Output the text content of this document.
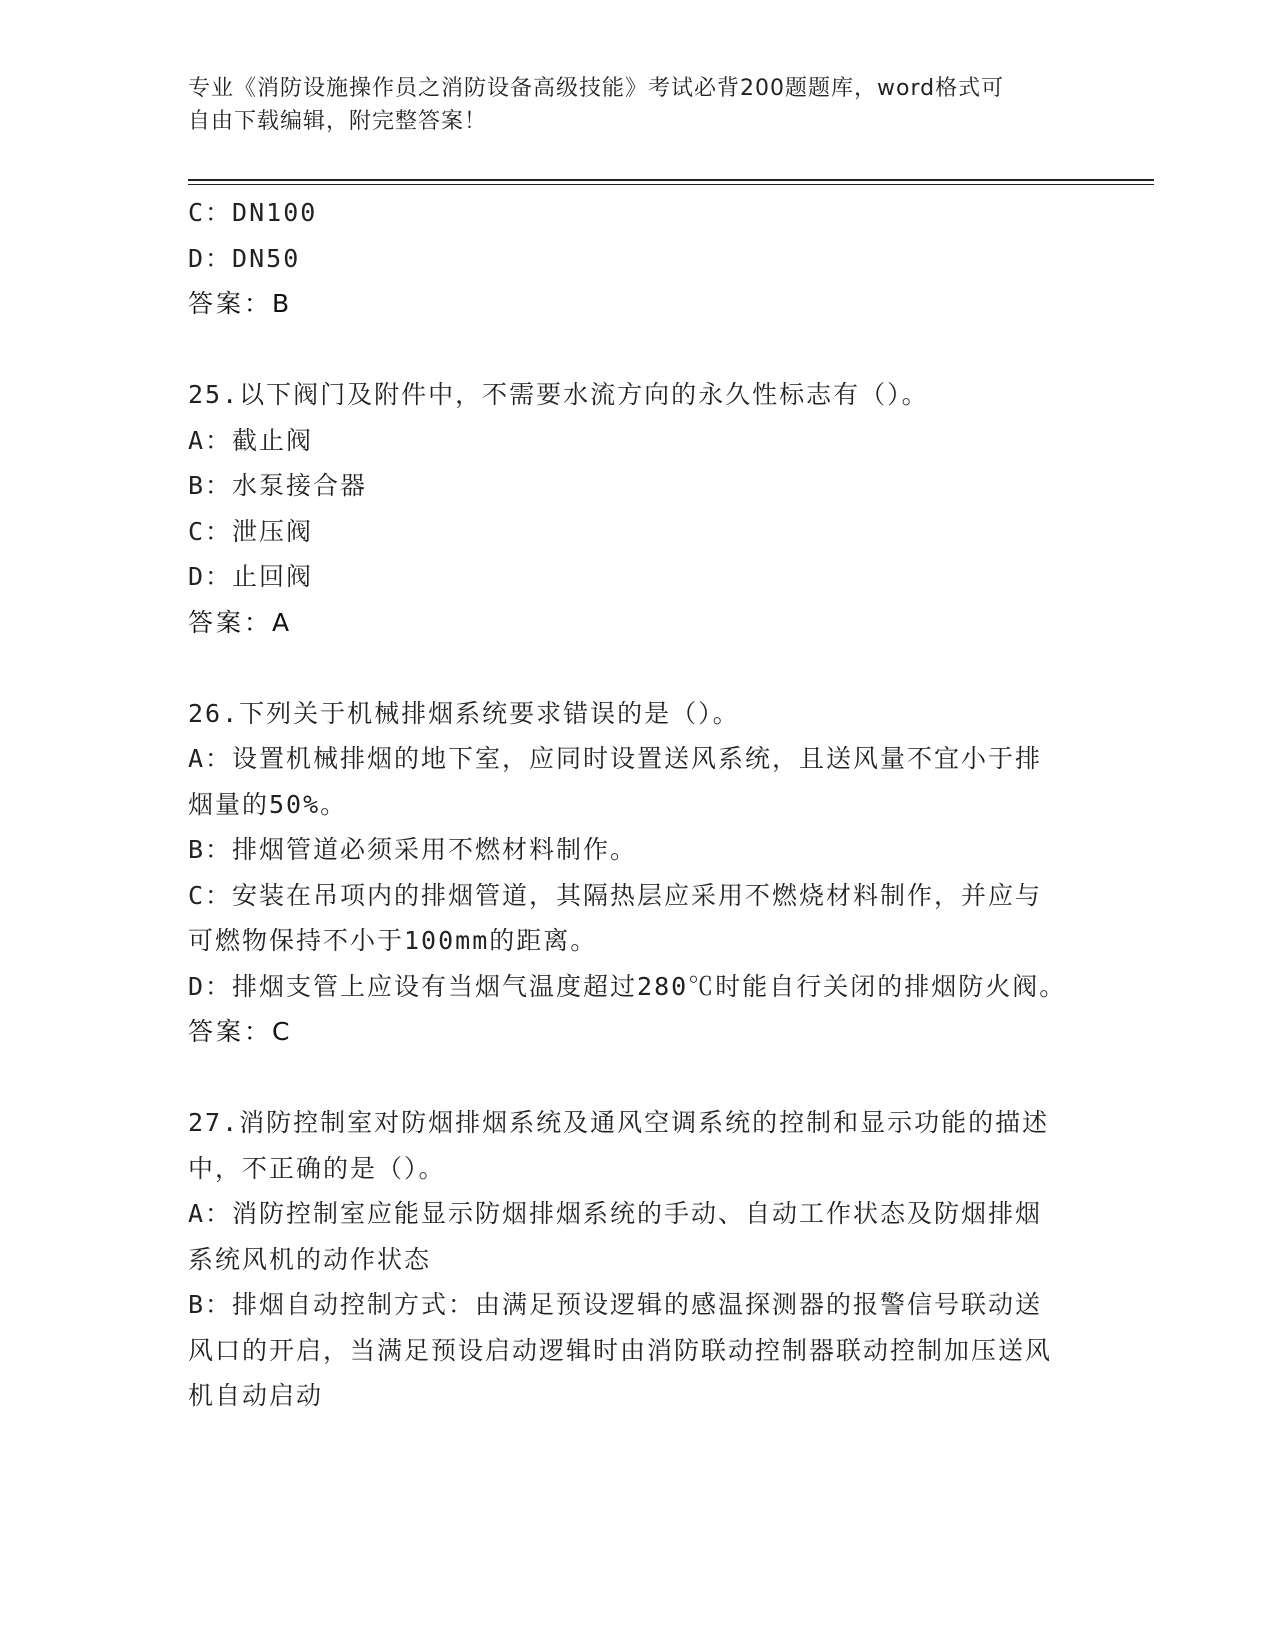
专业《消防设施操作员之消防设备高级技能》考试必背200题题库，word格式可
自由下载编辑，附完整答案！
C：DN100
D：DN50
答案：B
25.以下阀门及附件中，不需要水流方向的永久性标志有（）。
A：截止阀
B：水泵接合器
C：泄压阀
D：止回阀
答案：A
26.下列关于机械排烟系统要求错误的是（）。
A：设置机械排烟的地下室，应同时设置送风系统，且送风量不宜小于排烟量的50%。
B：排烟管道必须采用不燃材料制作。
C：安装在吊项内的排烟管道，其隔热层应采用不燃烧材料制作，并应与可燃物保持不小于100mm的距离。
D：排烟支管上应设有当烟气温度超过280℃时能自行关闭的排烟防火阀。
答案：C
27.消防控制室对防烟排烟系统及通风空调系统的控制和显示功能的描述中，不正确的是（）。
A：消防控制室应能显示防烟排烟系统的手动、自动工作状态及防烟排烟系统风机的动作状态
B：排烟自动控制方式：由满足预设逻辑的感温探测器的报警信号联动送风口的开启，当满足预设启动逻辑时由消防联动控制器联动控制加压送风机自动启动
